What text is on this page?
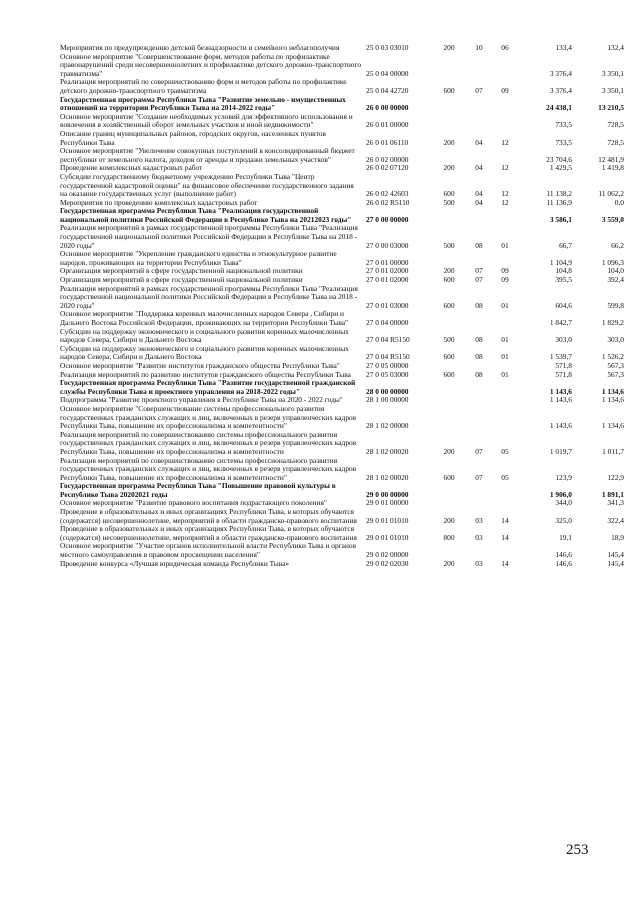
Мероприятия по предупреждению детской безнадзорности и семейного неблагополучия	25 0 03 03010	200	10	06	133,4	132,4
Основное мероприятие "Совершенствование форм, методов работы по профилактике правонарушений среди несовершеннолетних и профилактике детского дорожно-транспортного травматизма"	25 0 04 00000				3 376,4	3 350,1
Реализация мероприятий по совершенствованию форм и методов работы по профилактике детского дорожно-транспортного травматизма	25 0 04 42720	600	07	09	3 376,4	3 350,1
Государственная программа Республики Тыва "Развитие земельно - имущественных отношений на территории Республики Тыва на 2014-2022 годы"	26 0 00 00000				24 438,1	13 210,5
Основное мероприятие "Создание необходимых условий для эффективного использования и вовлечения в хозяйственный оборот земельных участков и иной недвижимости"	26 0 01 00000				733,5	728,5
Описание границ муниципальных районов, городских округов, населенных пунктов Республики Тыва	26 0 01 06110	200	04	12	733,5	728,5
Основное мероприятие "Увеличение совокупных поступлений в консолидированный бюджет республики от земельного налога, доходов от аренды и продажи земельных участков"	26 0 02 00000				23 704,6	12 481,9
Проведение комплексных кадастровых работ	26 0 02 07120	200	04	12	1 429,5	1 419,8
Субсидии государственному бюджетному учреждению Республики Тыва "Центр государственной кадастровой оценки" на финансовое обеспечение государственного задания на оказание государственных услуг (выполнение работ)	26 0 02 42603	600	04	12	11 138,2	11 062,2
Мероприятия по проведению комплексных кадастровых работ	26 0 02 R5110	500	04	12	11 136,9	0,0
Государственная программа Республики Тыва "Реализация государственной национальной политики Российской Федерации в Республике Тыва на 20212023 годы"	27 0 00 00000				3 586,1	3 559,0
Реализация мероприятий в рамках государственной программы Республики Тыва "Реализация государственной национальной политики Российской Федерации в Республике Тыва на 2018 - 2020 годы"	27 0 00 03000	500	08	01	66,7	66,2
Основное мероприятие "Укрепление гражданского единства и этнокультурное развитие народов, проживающих на территории Республики Тыва"	27 0 01 00000				1 104,9	1 096,3
Организация мероприятий в сфере государственной национальной политики	27 0 01 02000	200	07	09	104,8	104,0
Организация мероприятий в сфере государственной национальной политики	27 0 01 02000	600	07	09	395,5	392,4
Реализация мероприятий в рамках государственной программы Республики Тыва "Реализация государственной национальной политики Российской Федерации в Республике Тыва на 2018 - 2020 годы"	27 0 01 03000	600	08	01	604,6	599,8
Основное мероприятие "Поддержка коренных малочисленных народов Севера , Сибири и Дальнего Востока Российской Федерации, проживающих на территории Республики Тыва"	27 0 04 00000				1 842,7	1 829,2
Субсидии на поддержку экономического и социального развития коренных малочисленных народов Севера, Сибири и Дальнего Востока	27 0 04 R5150	500	08	01	303,0	303,0
Субсидии на поддержку экономического и социального развития коренных малочисленных народов Севера, Сибири и Дальнего Востока	27 0 04 R5150	600	08	01	1 539,7	1 526,2
Основное мероприятие "Развитие институтов гражданского общества Республики Тыва"	27 0 05 00000				571,8	567,3
Реализация мероприятий по развитию институтов гражданского общества Республики Тыва	27 0 05 03000	600	08	01	571,8	567,3
Государственная программа Республики Тыва "Развитие государственной гражданской службы Республики Тыва и проектного управления на 2018-2022 годы"	28 0 00 00000				1 143,6	1 134,6
Подпрограмма "Развитие проектного управления в Республике Тыва на 2020 - 2022 годы"	28 1 00 00000				1 143,6	1 134,6
Основное мероприятие "Совершенствование системы профессионального развития государственных гражданских служащих и лиц, включенных в резерв управленческих кадров Республики Тыва, повышение их профессионализма и компетентности"	28 1 02 00000				1 143,6	1 134,6
Реализация мероприятий по совершенствованию системы профессионального развития государственных гражданских служащих и лиц, включенных в резерв управленческих кадров Республики Тыва, повышение их профессионализма и компетентности	28 1 02 00020	200	07	05	1 019,7	1 011,7
Реализация мероприятий по совершенствованию системы профессионального развития государственных гражданских служащих и лиц, включенных в резерв управленческих кадров Республики Тыва, повышение их профессионализма и компетентности"	28 1 02 00020	600	07	05	123,9	122,9
Государственная программа Республики Тыва "Повышение правовой культуры в Республике Тыва 20202021 годы	29 0 00 00000				1 906,0	1 891,1
Основное мероприятие "Развитие правового воспитания подрастающего поколения"	29 0 01 00000				344,0	341,3
Проведение в образовательных и иных организациях Республики Тыва, в которых обучаются (содержатся) несовершеннолетние, мероприятий в области гражданско-правового воспитания	29 0 01 01010	200	03	14	325,0	322,4
Проведение в образовательных и иных организациях Республики Тыва, в которых обучаются (содержатся) несовершеннолетние, мероприятий в области гражданско-правового воспитания	29 0 01 01010	800	03	14	19,1	18,9
Основное мероприятие "Участие органов исполнительной власти Республики Тыва и органов местного самоуправления в правовом просвещении населения"	29 0 02 00000				146,6	145,4
Проведение конкурса «Лучшая юридическая команда Республики Тыва»	29 0 02 02030	200	03	14	146,6	145,4
253
